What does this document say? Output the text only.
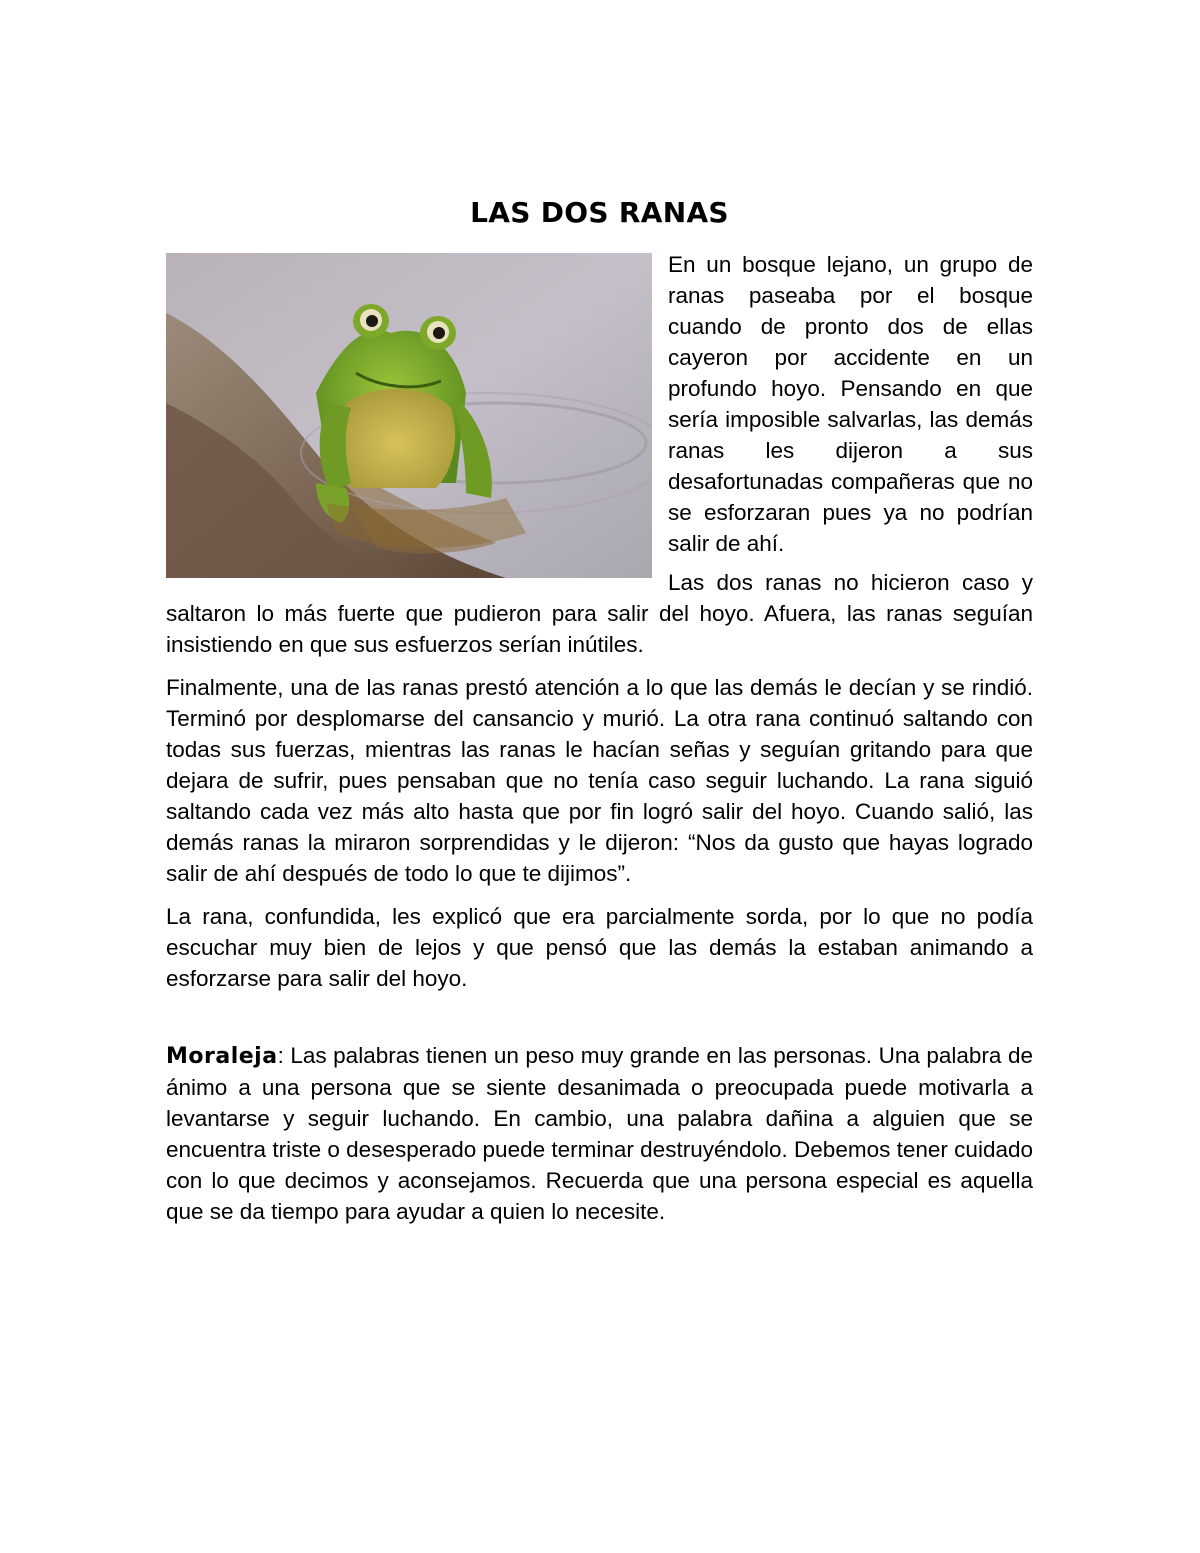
LAS DOS RANAS

En un bosque lejano, un grupo de ranas paseaba por el bosque cuando de pronto dos de ellas cayeron por accidente en un profundo hoyo. Pensando en que sería imposible salvarlas, las demás ranas les dijeron a sus desafortunadas compañeras que no se esforzaran pues ya no podrían salir de ahí.

Las dos ranas no hicieron caso y saltaron lo más fuerte que pudieron para salir del hoyo. Afuera, las ranas seguían insistiendo en que sus esfuerzos serían inútiles.

Finalmente, una de las ranas prestó atención a lo que las demás le decían y se rindió. Terminó por desplomarse del cansancio y murió. La otra rana continuó saltando con todas sus fuerzas, mientras las ranas le hacían señas y seguían gritando para que dejara de sufrir, pues pensaban que no tenía caso seguir luchando. La rana siguió saltando cada vez más alto hasta que por fin logró salir del hoyo. Cuando salió, las demás ranas la miraron sorprendidas y le dijeron: “Nos da gusto que hayas logrado salir de ahí después de todo lo que te dijimos”.

La rana, confundida, les explicó que era parcialmente sorda, por lo que no podía escuchar muy bien de lejos y que pensó que las demás la estaban animando a esforzarse para salir del hoyo.

Moraleja: Las palabras tienen un peso muy grande en las personas. Una palabra de ánimo a una persona que se siente desanimada o preocupada puede motivarla a levantarse y seguir luchando. En cambio, una palabra dañina a alguien que se encuentra triste o desesperado puede terminar destruyéndolo. Debemos tener cuidado con lo que decimos y aconsejamos. Recuerda que una persona especial es aquella que se da tiempo para ayudar a quien lo necesite.
